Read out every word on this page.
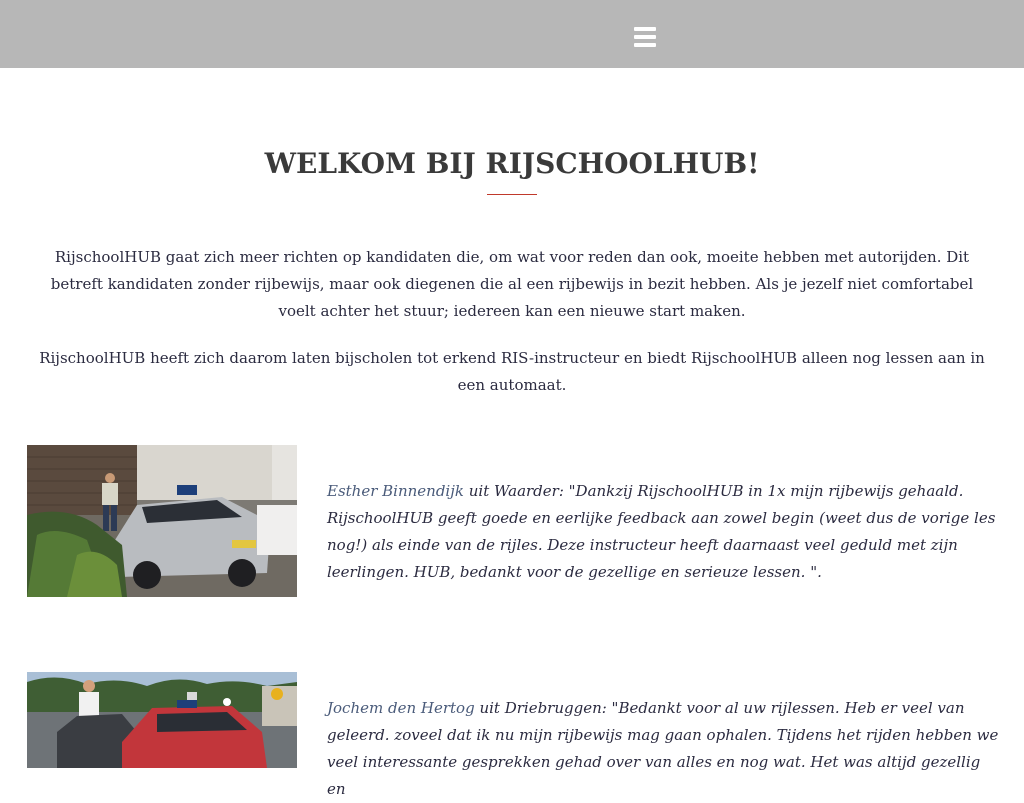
WELKOM BIJ RIJSCHOOLHUB!

RijschoolHUB gaat zich meer richten op kandidaten die, om wat voor reden dan ook, moeite hebben met autorijden. Dit betreft kandidaten zonder rijbewijs, maar ook diegenen die al een rijbewijs in bezit hebben. Als je jezelf niet comfortabel voelt achter het stuur; iedereen kan een nieuwe start maken.

RijschoolHUB heeft zich daarom laten bijscholen tot erkend RIS-instructeur en biedt RijschoolHUB alleen nog lessen aan in een automaat.

Esther Binnendijk uit Waarder: "Dankzij RijschoolHUB in 1x mijn rijbewijs gehaald. RijschoolHUB geeft goede en eerlijke feedback aan zowel begin (weet dus de vorige les nog!) als einde van de rijles. Deze instructeur heeft daarnaast veel geduld met zijn leerlingen. HUB, bedankt voor de gezellige en serieuze lessen. ".

Jochem den Hertog uit Driebruggen: "Bedankt voor al uw rijlessen. Heb er veel van geleerd. zoveel dat ik nu mijn rijbewijs mag gaan ophalen. Tijdens het rijden hebben we veel interessante gesprekken gehad over van alles en nog wat. Het was altijd gezellig en
